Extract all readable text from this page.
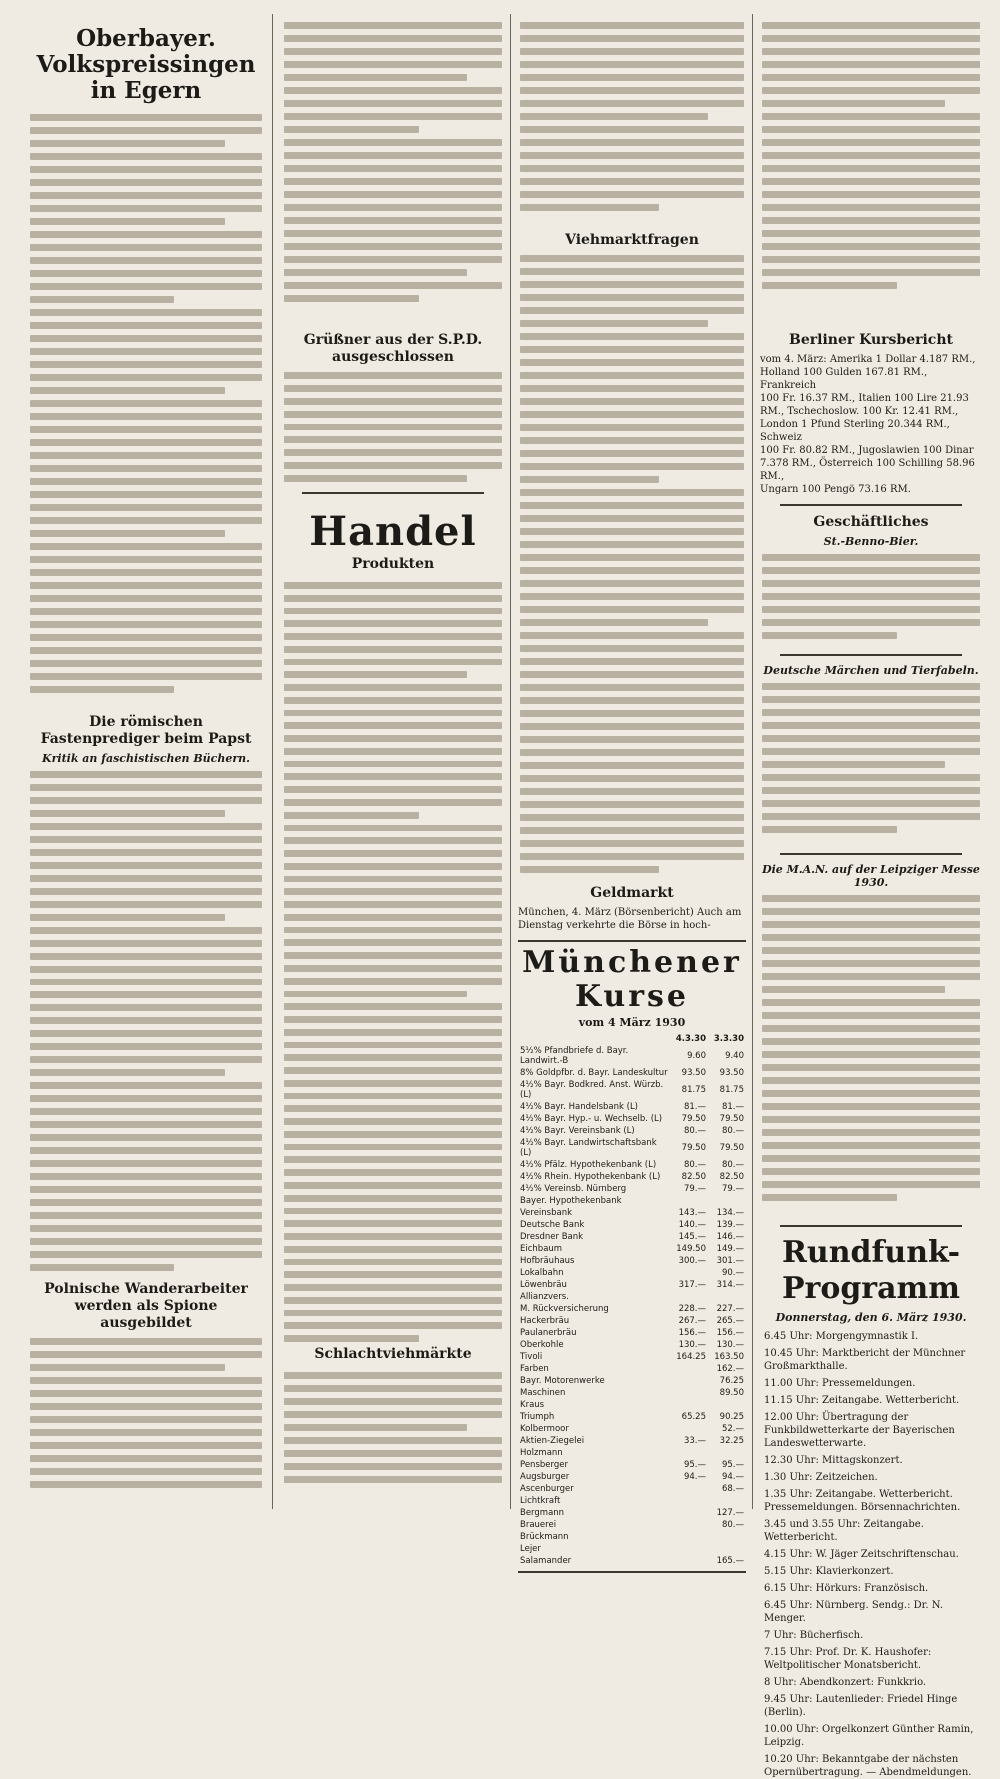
Oberbayer. Volkspreissingen in Egern
Die römischen Fastenprediger beim Papst
Kritik an faschistischen Büchern.
Polnische Wanderarbeiter werden als Spione ausgebildet
Grüßner aus der S.P.D. ausgeschlossen
Handel
Produkten
Schlachtviehmärkte
Viehmarktfragen
Geldmarkt
München, 4. März (Börsenbericht) Auch am Dienstag verkehrte die Börse in hoch-
Münchener Kurse
vom 4 März 1930
	4.3.30	3.3.30
5½% Pfandbriefe d. Bayr. Landwirt.-B	9.60	9.40
8% Goldpfbr. d. Bayr. Landeskultur	93.50	93.50
4½% Bayr. Bodkred. Anst. Würzb. (L)	81.75	81.75
4½% Bayr. Handelsbank (L)	81.—	81.—
4½% Bayr. Hyp.- u. Wechselb. (L)	79.50	79.50
4½% Bayr. Vereinsbank (L)	80.—	80.—
4½% Bayr. Landwirtschaftsbank (L)	79.50	79.50
4½% Pfälz. Hypothekenbank (L)	80.—	80.—
4½% Rhein. Hypothekenbank (L)	82.50	82.50
4½% Vereinsb. Nürnberg	79.—	79.—
Bayer. Hypothekenbank		
Vereinsbank	143.—	134.—
Deutsche Bank	140.—	139.—
Dresdner Bank	145.—	146.—
Eichbaum	149.50	149.—
Hofbräuhaus	300.—	301.—
Lokalbahn		90.—
Löwenbräu	317.—	314.—
Allianzvers.		
M. Rückversicherung	228.—	227.—
Hackerbräu	267.—	265.—
Paulanerbräu	156.—	156.—
Oberkohle	130.—	130.—
Tivoli	164.25	163.50
Farben		162.—
Bayr. Motorenwerke		76.25
Maschinen		89.50
Kraus		
Triumph	65.25	90.25
Kolbermoor		52.—
Aktien-Ziegelei	33.—	32.25
Holzmann		
Pensberger	95.—	95.—
Augsburger	94.—	94.—
Ascenburger		68.—
Lichtkraft		
Bergmann		127.—
Brauerei		80.—
Brückmann		
Lejer		
Salamander		165.—
Berliner Kursbericht
vom 4. März: Amerika 1 Dollar 4.187 RM.,
Holland 100 Gulden 167.81 RM., Frankreich
100 Fr. 16.37 RM., Italien 100 Lire 21.93
RM., Tschechoslow. 100 Kr. 12.41 RM.,
London 1 Pfund Sterling 20.344 RM., Schweiz
100 Fr. 80.82 RM., Jugoslawien 100 Dinar
7.378 RM., Österreich 100 Schilling 58.96 RM.,
Ungarn 100 Pengö 73.16 RM.
Geschäftliches
St.-Benno-Bier.
Deutsche Märchen und Tierfabeln.
Die M.A.N. auf der Leipziger Messe 1930.
Rundfunk-Programm
Donnerstag, den 6. März 1930.
6.45 Uhr: Morgengymnastik I.
10.45 Uhr: Marktbericht der Münchner Großmarkthalle.
11.00 Uhr: Pressemeldungen.
11.15 Uhr: Zeitangabe. Wetterbericht.
12.00 Uhr: Übertragung der Funkbildwetterkarte der Bayerischen Landeswetterwarte.
12.30 Uhr: Mittagskonzert.
1.30 Uhr: Zeitzeichen.
1.35 Uhr: Zeitangabe. Wetterbericht. Pressemeldungen. Börsennachrichten.
3.45 und 3.55 Uhr: Zeitangabe. Wetterbericht.
4.15 Uhr: W. Jäger Zeitschriftenschau.
5.15 Uhr: Klavierkonzert.
6.15 Uhr: Hörkurs: Französisch.
6.45 Uhr: Nürnberg. Sendg.: Dr. N. Menger.
7 Uhr: Bücherfisch.
7.15 Uhr: Prof. Dr. K. Haushofer: Weltpolitischer Monatsbericht.
8 Uhr: Abendkonzert: Funkkrio.
9.45 Uhr: Lautenlieder: Friedel Hinge (Berlin).
10.00 Uhr: Orgelkonzert Günther Ramin, Leipzig.
10.20 Uhr: Bekanntgabe der nächsten Opernübertragung. — Abendmeldungen.
